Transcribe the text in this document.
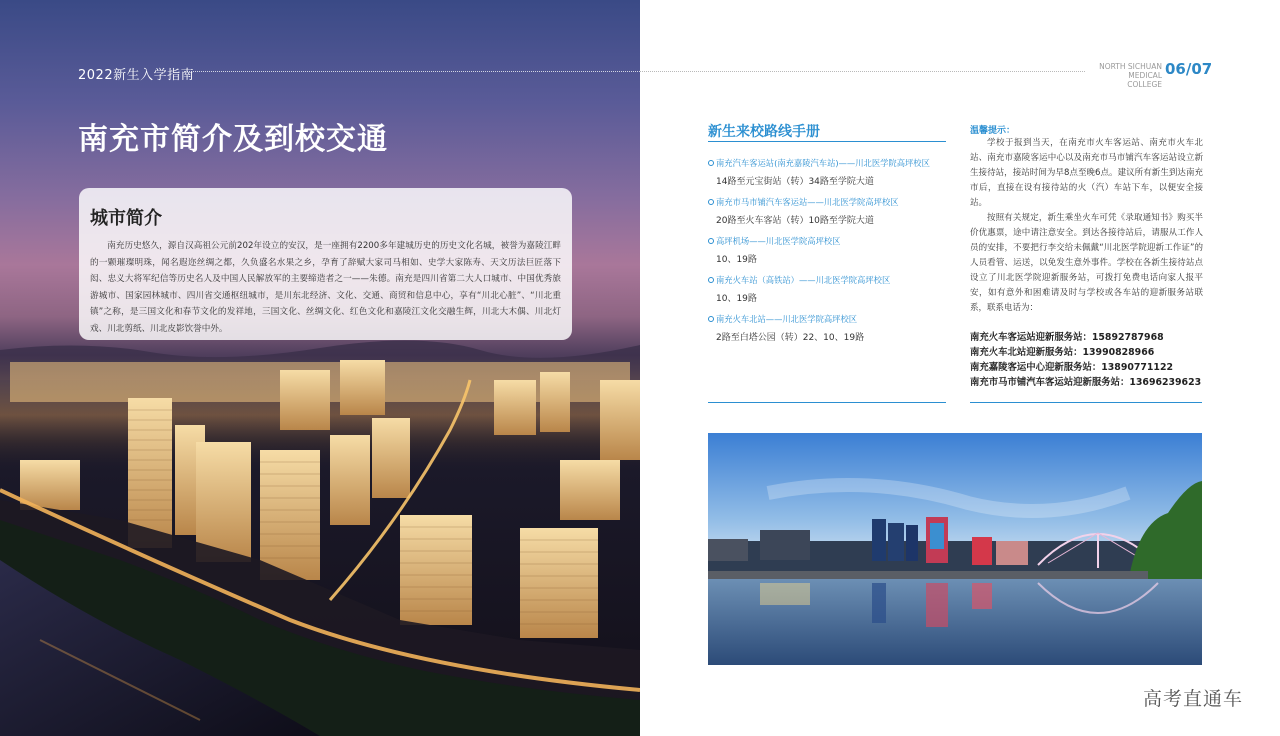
2022新生入学指南
南充市简介及到校交通
城市简介
南充历史悠久，源自汉高祖公元前202年设立的安汉，是一座拥有2200多年建城历史的历史文化名城，被誉为嘉陵江畔的一颗璀璨明珠，闻名遐迩丝绸之都，久负盛名水果之乡，孕育了辞赋大家司马相如、史学大家陈寿、天文历法巨匠落下闳、忠义大将军纪信等历史名人及中国人民解放军的主要缔造者之一——朱德。南充是四川省第二大人口城市、中国优秀旅游城市、国家园林城市、四川省交通枢纽城市，是川东北经济、文化、交通、商贸和信息中心，享有“川北心脏”、“川北重镇”之称，是三国文化和春节文化的发祥地，三国文化、丝绸文化、红色文化和嘉陵江文化交融生辉，川北大木偶、川北灯戏、川北剪纸、川北皮影饮誉中外。
NORTH SICHUAN
MEDICAL COLLEGE
06/07
新生来校路线手册
南充汽车客运站(南充嘉陵汽车站)——川北医学院高坪校区
14路至元宝街站（转）34路至学院大道
南充市马市铺汽车客运站——川北医学院高坪校区
20路至火车客站（转）10路至学院大道
高坪机场——川北医学院高坪校区
10、19路
南充火车站（高铁站）——川北医学院高坪校区
10、19路
南充火车北站——川北医学院高坪校区
2路至白塔公园（转）22、10、19路
温馨提示：

学校于报到当天，在南充市火车客运站、南充市火车北站、南充市嘉陵客运中心以及南充市马市铺汽车客运站设立新生接待站，接站时间为早8点至晚6点。建议所有新生到达南充市后，直接在设有接待站的火（汽）车站下车，以便安全接站。

按照有关规定，新生乘坐火车可凭《录取通知书》购买半价优惠票，途中请注意安全。到达各接待站后，请服从工作人员的安排，不要把行李交给未佩戴“川北医学院迎新工作证”的人员看管、运送，以免发生意外事件。学校在各新生接待站点设立了川北医学院迎新服务站，可拨打免费电话向家人报平安，如有意外和困难请及时与学校或各车站的迎新服务站联系，联系电话为：

南充火车客运站迎新服务站：15892787968
南充火车北站迎新服务站：13990828966
南充嘉陵客运中心迎新服务站：13890771122
南充市马市铺汽车客运站迎新服务站：13696239623
高考直通车
